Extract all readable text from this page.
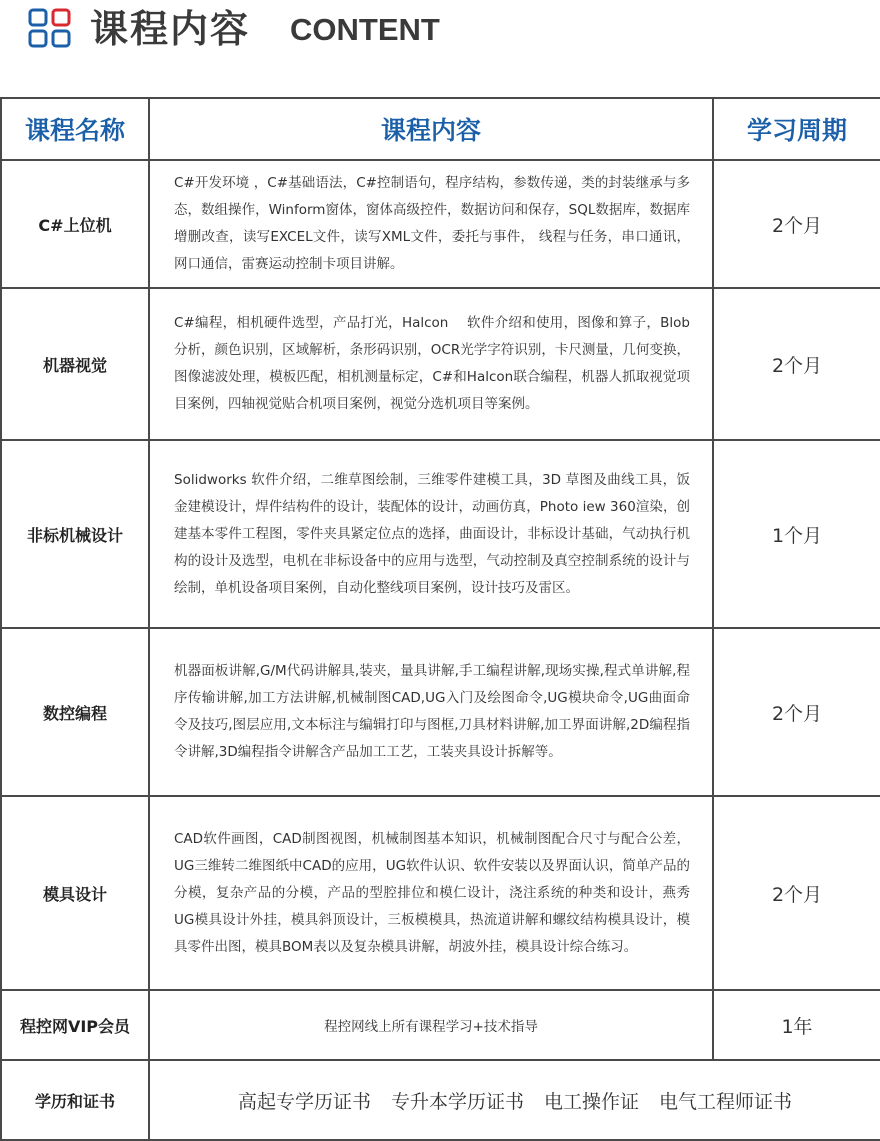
课程内容 CONTENT
课程名称	课程内容	学习周期
C#上位机	C#开发环境 ，C#基础语法，C#控制语句，程序结构，参数传递，类的封装继承与多态，数组操作，Winform窗体，窗体高级控件，数据访问和保存，SQL数据库，数据库增删改查，读写EXCEL文件，读写XML文件，委托与事件， 线程与任务，串口通讯，网口通信，雷赛运动控制卡项目讲解。	2个月
机器视觉	C#编程，相机硬件选型，产品打光，Halcon　 软件介绍和使用，图像和算子，Blob分析，颜色识别，区域解析，条形码识别，OCR光学字符识别，卡尺测量，几何变换，图像滤波处理，模板匹配，相机测量标定，C#和Halcon联合编程，机器人抓取视觉项目案例，四轴视觉贴合机项目案例，视觉分选机项目等案例。	2个月
非标机械设计	Solidworks 软件介绍，二维草图绘制，三维零件建模工具，3D 草图及曲线工具，饭金建模设计，焊件结构件的设计，装配体的设计，动画仿真，Photo iew 360渲染，创建基本零件工程图，零件夹具紧定位点的选择，曲面设计，非标设计基础，气动执行机构的设计及选型，电机在非标设备中的应用与选型，气动控制及真空控制系统的设计与绘制，单机设备项目案例，自动化整线项目案例，设计技巧及雷区。	1个月
数控编程	机器面板讲解,G/M代码讲解具,装夹，量具讲解,手工编程讲解,现场实操,程式单讲解,程序传输讲解,加工方法讲解,机械制图CAD,UG入门及绘图命令,UG模块命令,UG曲面命令及技巧,图层应用,文本标注与编辑打印与图框,刀具材料讲解,加工界面讲解,2D编程指令讲解,3D编程指令讲解含产品加工工艺，工装夹具设计拆解等。	2个月
模具设计	CAD软件画图，CAD制图视图，机械制图基本知识，机械制图配合尺寸与配合公差，UG三维转二维图纸中CAD的应用，UG软件认识、软件安装以及界面认识，简单产品的分模，复杂产品的分模，产品的型腔排位和模仁设计，浇注系统的种类和设计，燕秀UG模具设计外挂，模具斜顶设计，三板模模具，热流道讲解和螺纹结构模具设计，模具零件出图，模具BOM表以及复杂模具讲解，胡波外挂，模具设计综合练习。	2个月
程控网VIP会员	程控网线上所有课程学习+技术指导	1年
学历和证书	高起专学历证书 专升本学历证书 电工操作证 电气工程师证书	
